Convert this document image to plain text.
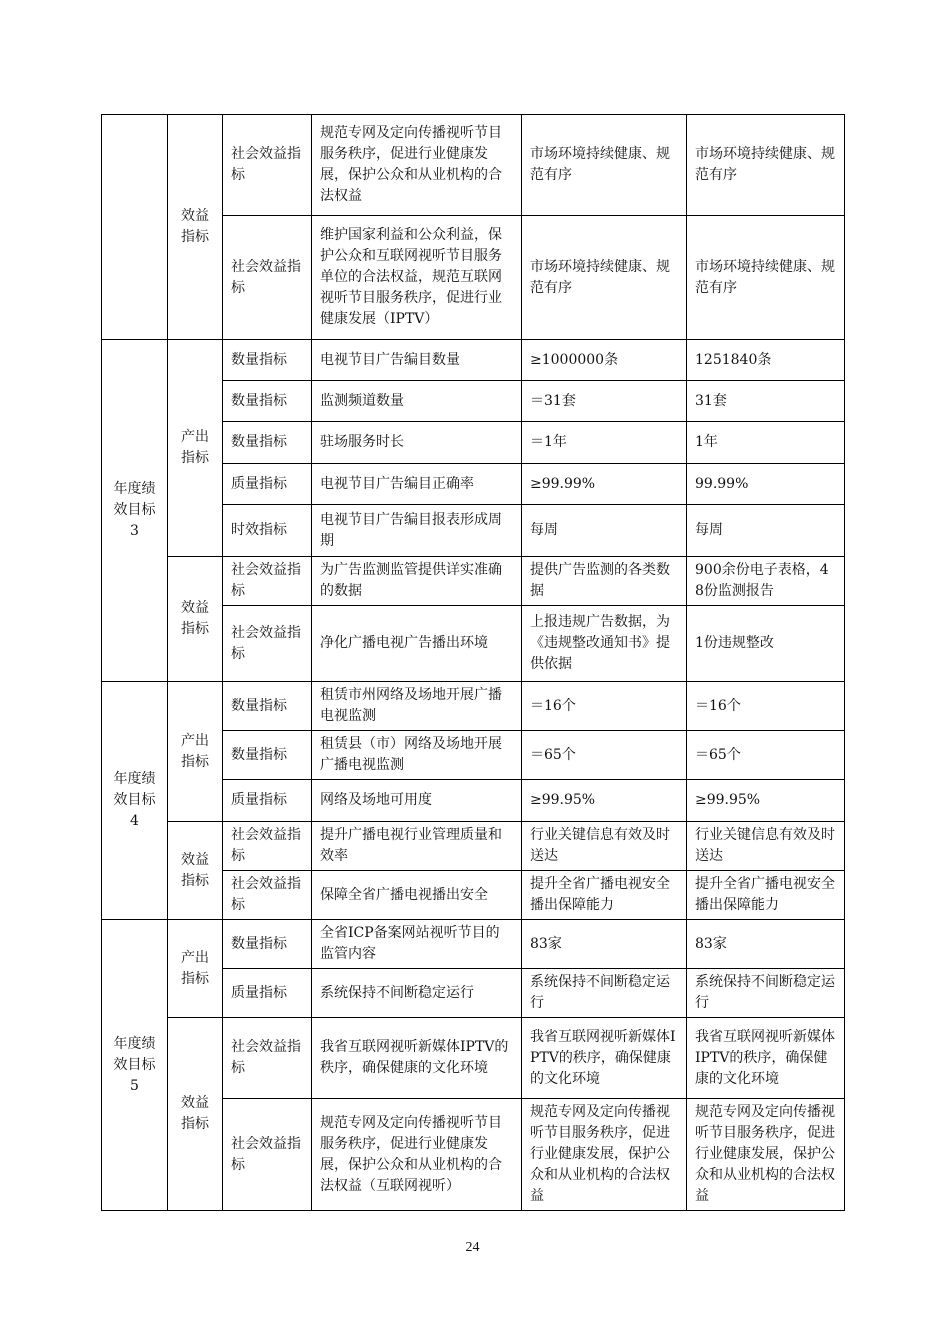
	效益指标	社会效益指标	规范专网及定向传播视听节目服务秩序，促进行业健康发展，保护公众和从业机构的合法权益	市场环境持续健康、规范有序	市场环境持续健康、规范有序
		社会效益指标	维护国家利益和公众利益，保护公众和互联网视听节目服务单位的合法权益，规范互联网视听节目服务秩序，促进行业健康发展（IPTV）	市场环境持续健康、规范有序	市场环境持续健康、规范有序
年度绩效目标3	产出指标	数量指标	电视节目广告编目数量	≥1000000条	1251840条
		数量指标	监测频道数量	＝31套	31套
		数量指标	驻场服务时长	＝1年	1年
		质量指标	电视节目广告编目正确率	≥99.99%	99.99%
		时效指标	电视节目广告编目报表形成周期	每周	每周
	效益指标	社会效益指标	为广告监测监管提供详实准确的数据	提供广告监测的各类数据	900余份电子表格，48份监测报告
		社会效益指标	净化广播电视广告播出环境	上报违规广告数据，为《违规整改通知书》提供依据	1份违规整改
年度绩效目标4	产出指标	数量指标	租赁市州网络及场地开展广播电视监测	＝16个	＝16个
		数量指标	租赁县（市）网络及场地开展广播电视监测	＝65个	＝65个
		质量指标	网络及场地可用度	≥99.95%	≥99.95%
	效益指标	社会效益指标	提升广播电视行业管理质量和效率	行业关键信息有效及时送达	行业关键信息有效及时送达
		社会效益指标	保障全省广播电视播出安全	提升全省广播电视安全播出保障能力	提升全省广播电视安全播出保障能力
年度绩效目标5	产出指标	数量指标	全省ICP备案网站视听节目的监管内容	83家	83家
		质量指标	系统保持不间断稳定运行	系统保持不间断稳定运行	系统保持不间断稳定运行
	效益指标	社会效益指标	我省互联网视听新媒体IPTV的秩序，确保健康的文化环境	我省互联网视听新媒体IPTV的秩序，确保健康的文化环境	我省互联网视听新媒体IPTV的秩序，确保健康的文化环境
		社会效益指标	规范专网及定向传播视听节目服务秩序，促进行业健康发展，保护公众和从业机构的合法权益（互联网视听）	规范专网及定向传播视听节目服务秩序，促进行业健康发展，保护公众和从业机构的合法权益	规范专网及定向传播视听节目服务秩序，促进行业健康发展，保护公众和从业机构的合法权益
24
